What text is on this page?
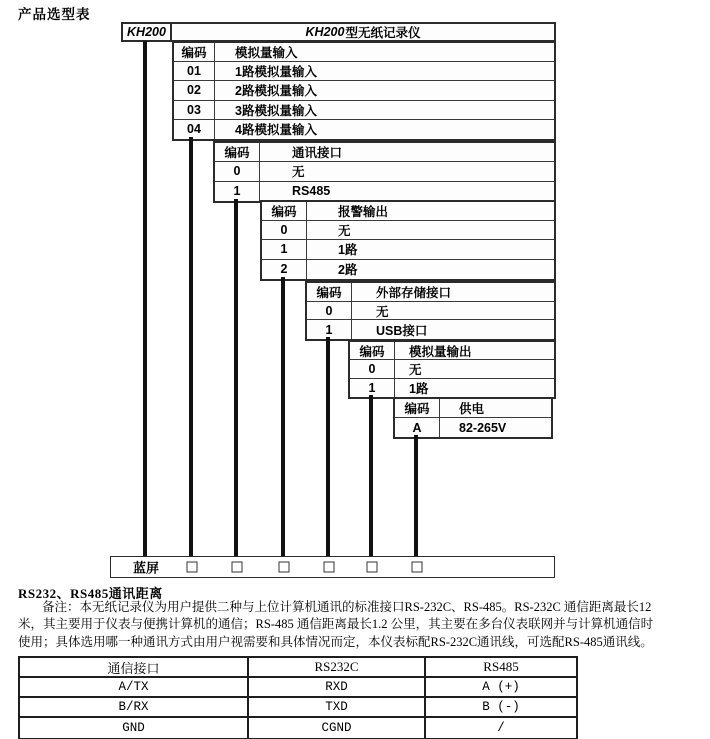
产品选型表
KH200	KH200 型无纸记录仪
编码	模拟量输入
01	1路模拟量输入
02	2路模拟量输入
03	3路模拟量输入
04	4路模拟量输入
编码	通讯接口
0	无
1	RS485
编码	报警输出
0	无
1	1路
2	2路
编码	外部存储接口
0	无
1	USB接口
编码	模拟量输出
0	无
1	1路
编码	供电
A	82-265V
蓝屏
RS232、RS485通讯距离
备注：本无纸记录仪为用户提供二种与上位计算机通讯的标准接口RS-232C、RS-485。RS-232C 通信距离最长12
米，其主要用于仪表与便携计算机的通信；RS-485 通信距离最长1.2 公里，其主要在多台仪表联网并与计算机通信时
使用；具体选用哪一种通讯方式由用户视需要和具体情况而定，本仪表标配RS-232C通讯线，可选配RS-485通讯线。
通信接口	RS232C	RS485
A/TX	RXD	A (+)
B/RX	TXD	B (-)
GND	CGND	/
